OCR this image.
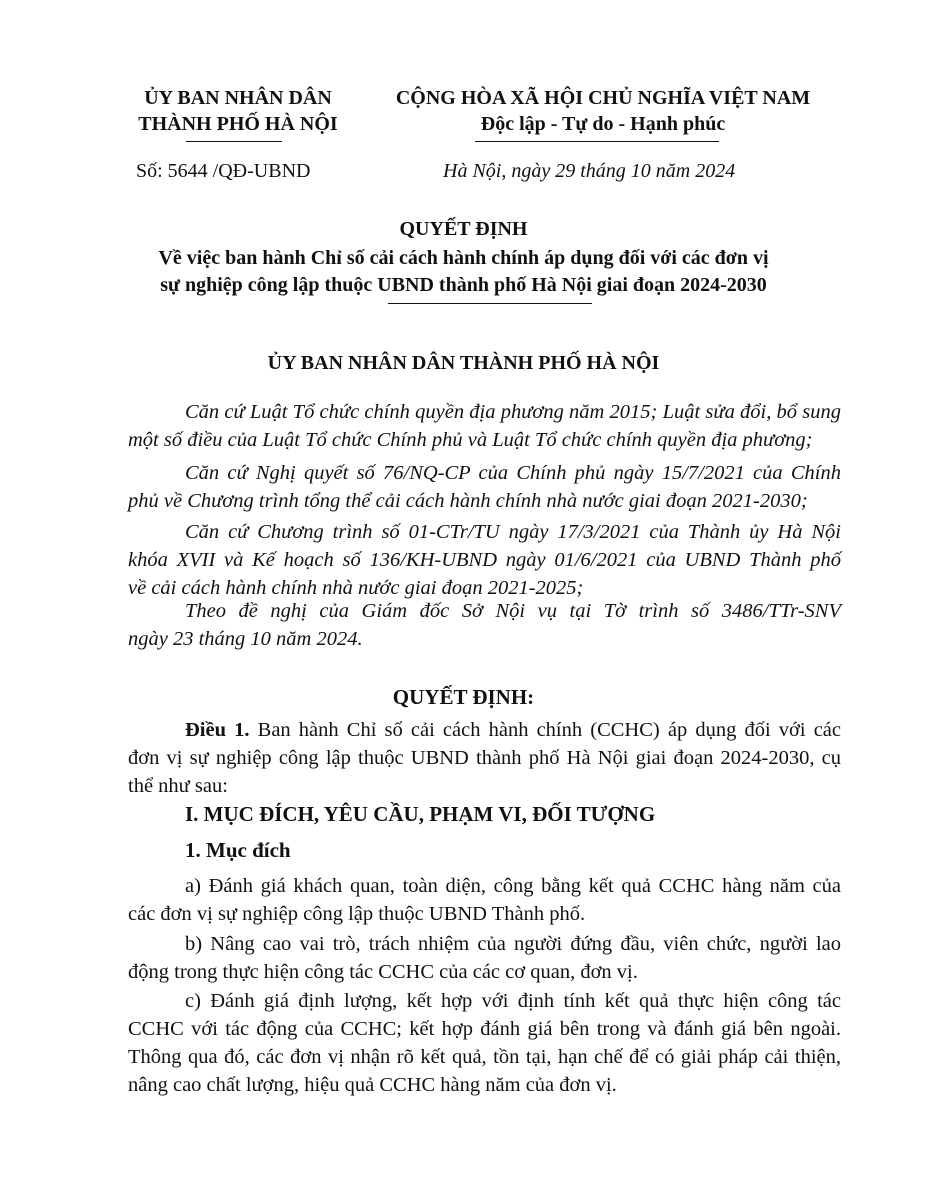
ỦY BAN NHÂN DÂN
THÀNH PHỐ HÀ NỘI
CỘNG HÒA XÃ HỘI CHỦ NGHĨA VIỆT NAM
Độc lập - Tự do - Hạnh phúc
Số: 5644 /QĐ-UBND	Hà Nội, ngày 29 tháng 10 năm 2024
QUYẾT ĐỊNH
Về việc ban hành Chỉ số cải cách hành chính áp dụng đối với các đơn vị
sự nghiệp công lập thuộc UBND thành phố Hà Nội giai đoạn 2024-2030
ỦY BAN NHÂN DÂN THÀNH PHỐ HÀ NỘI
Căn cứ Luật Tổ chức chính quyền địa phương năm 2015; Luật sửa đổi, bổ sung
một số điều của Luật Tổ chức Chính phủ và Luật Tổ chức chính quyền địa phương;
Căn cứ Nghị quyết số 76/NQ-CP của Chính phủ ngày 15/7/2021 của Chính
phủ về Chương trình tổng thể cải cách hành chính nhà nước giai đoạn 2021-2030;
Căn cứ Chương trình số 01-CTr/TU ngày 17/3/2021 của Thành ủy Hà Nội
khóa XVII và Kế hoạch số 136/KH-UBND ngày 01/6/2021 của UBND Thành phố
về cải cách hành chính nhà nước giai đoạn 2021-2025;
Theo đề nghị của Giám đốc Sở Nội vụ tại Tờ trình số 3486/TTr-SNV
ngày 23 tháng 10 năm 2024.
QUYẾT ĐỊNH:
Điều 1. Ban hành Chỉ số cải cách hành chính (CCHC) áp dụng đối với các
đơn vị sự nghiệp công lập thuộc UBND thành phố Hà Nội giai đoạn 2024-2030, cụ
thể như sau:
I. MỤC ĐÍCH, YÊU CẦU, PHẠM VI, ĐỐI TƯỢNG
1. Mục đích
a) Đánh giá khách quan, toàn diện, công bằng kết quả CCHC hàng năm của
các đơn vị sự nghiệp công lập thuộc UBND Thành phố.
b) Nâng cao vai trò, trách nhiệm của người đứng đầu, viên chức, người lao
động trong thực hiện công tác CCHC của các cơ quan, đơn vị.
c) Đánh giá định lượng, kết hợp với định tính kết quả thực hiện công tác
CCHC với tác động của CCHC; kết hợp đánh giá bên trong và đánh giá bên ngoài.
Thông qua đó, các đơn vị nhận rõ kết quả, tồn tại, hạn chế để có giải pháp cải thiện,
nâng cao chất lượng, hiệu quả CCHC hàng năm của đơn vị.
